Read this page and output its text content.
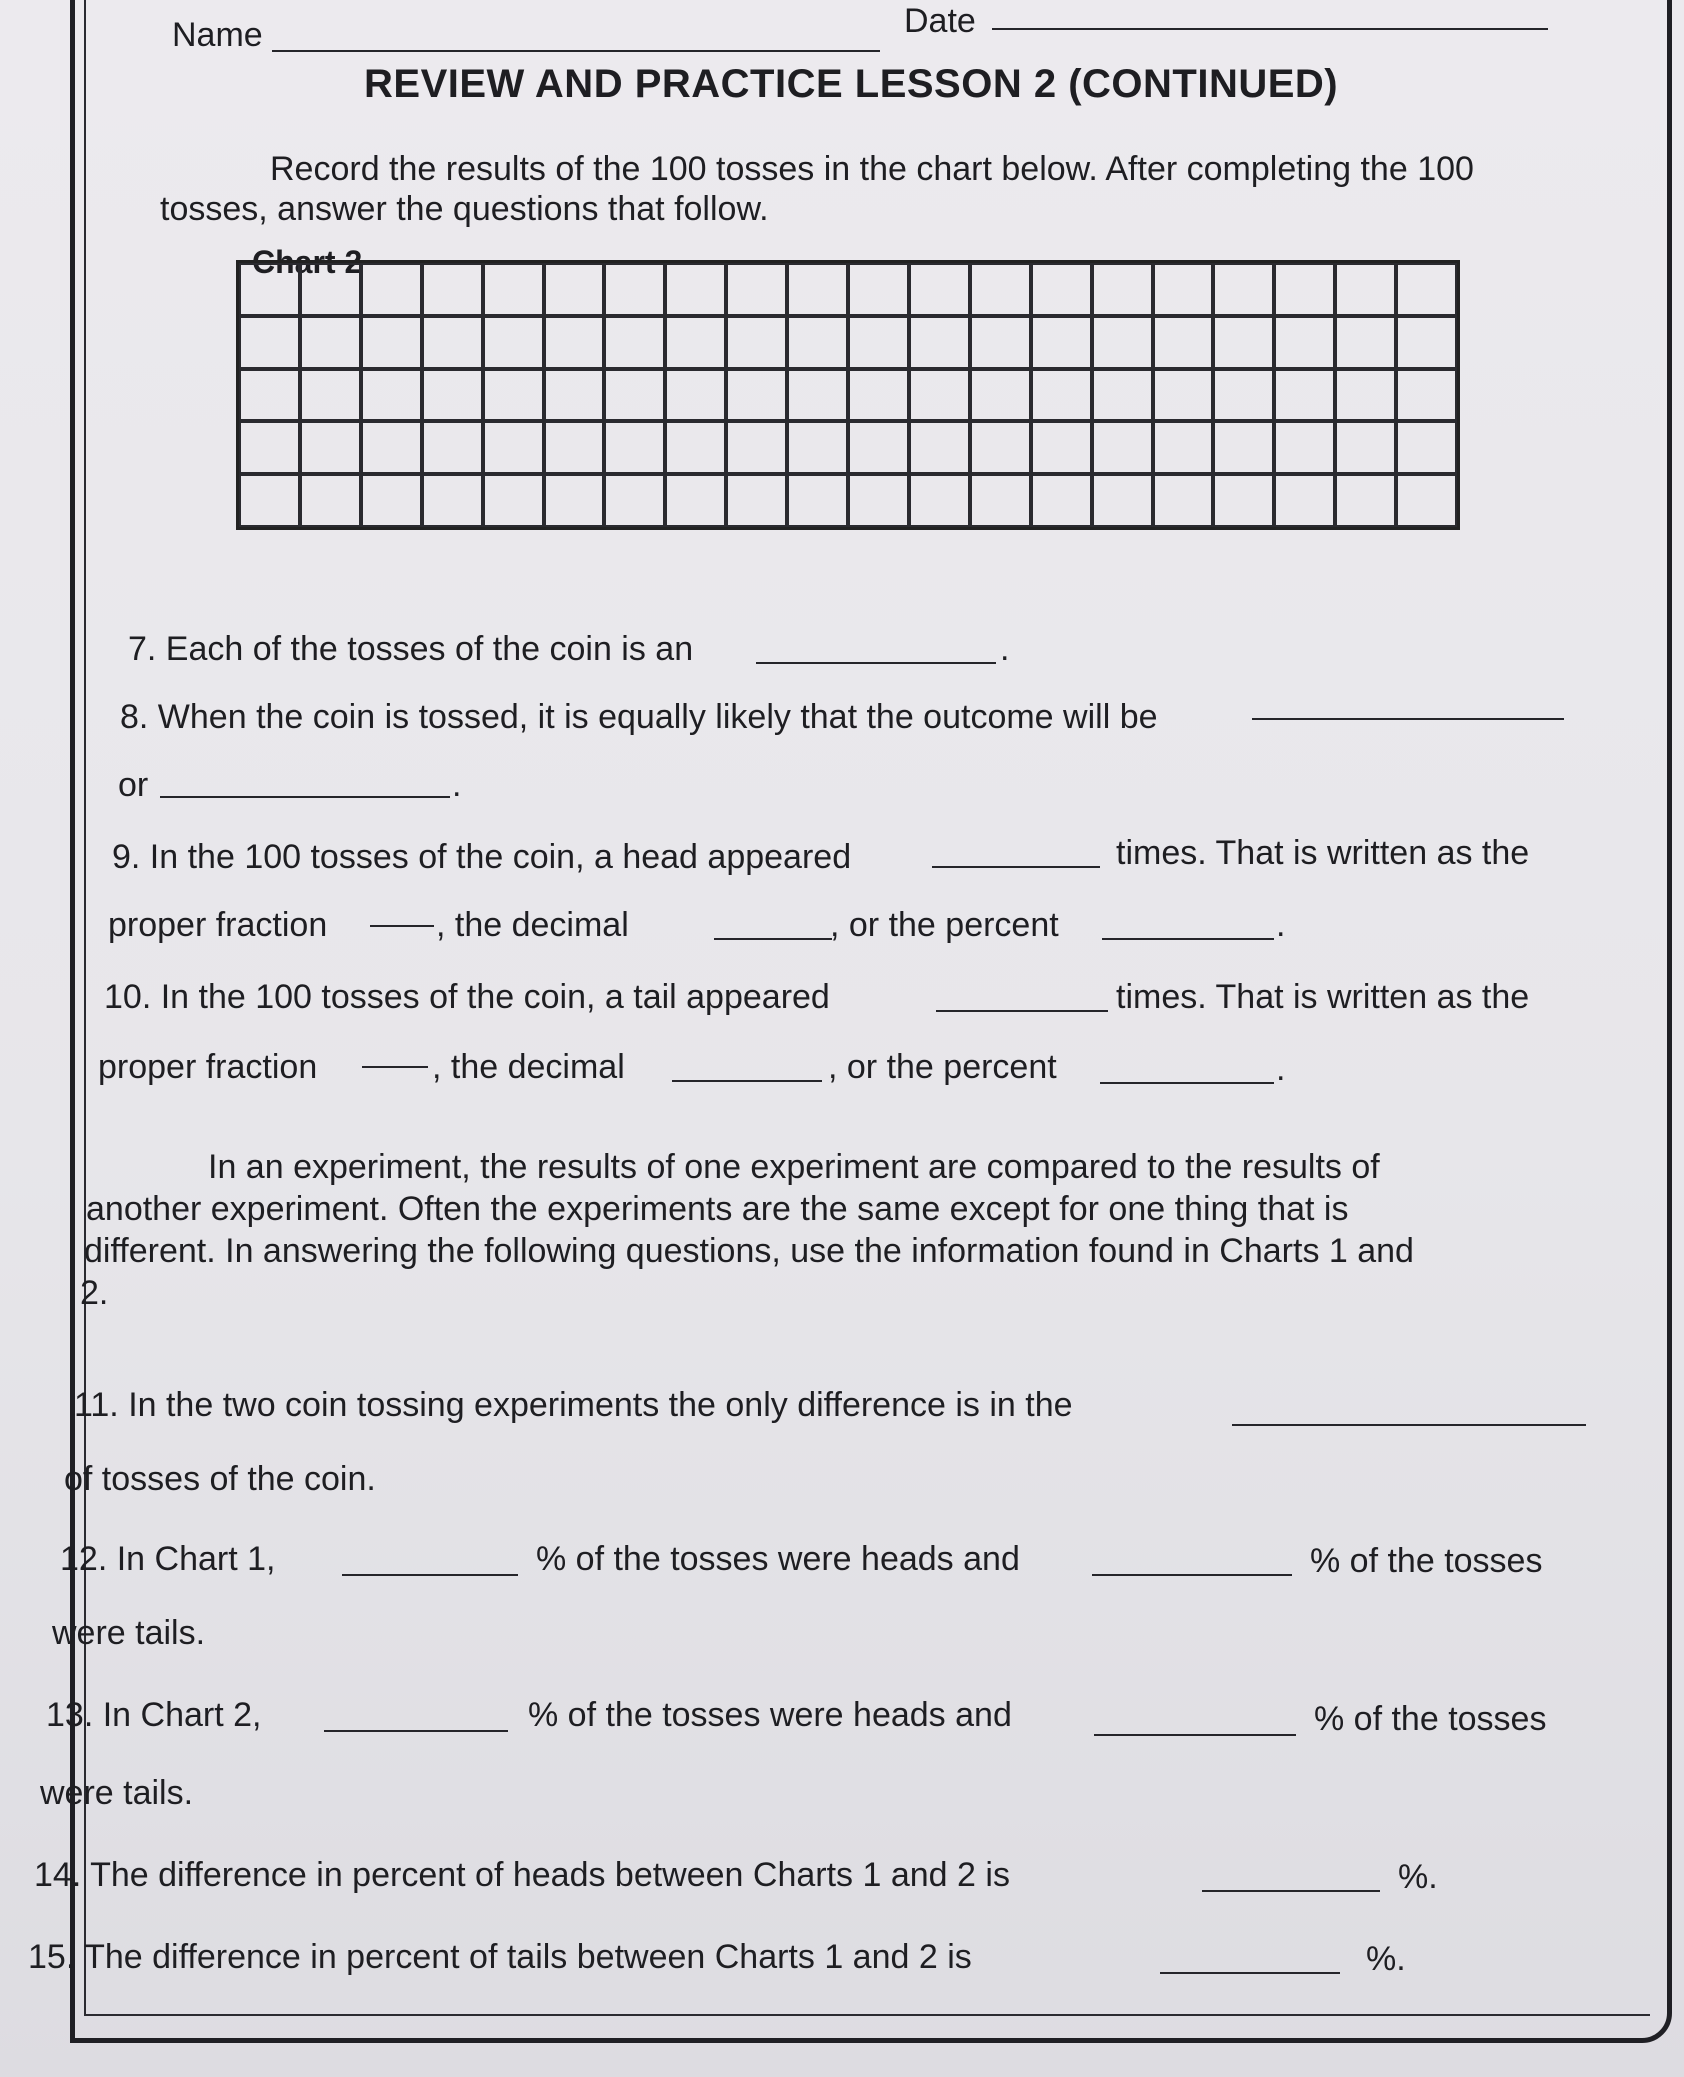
Name	Date
REVIEW AND PRACTICE LESSON 2 (CONTINUED)
Record the results of the 100 tosses in the chart below. After completing the 100
tosses, answer the questions that follow.
Chart 2
7. Each of the tosses of the coin is an	.
8. When the coin is tossed, it is equally likely that the outcome will be
or	.
9. In the 100 tosses of the coin, a head appeared	times. That is written as the
proper fraction	, the decimal	, or the percent	.
10. In the 100 tosses of the coin, a tail appeared	times. That is written as the
proper fraction	, the decimal	, or the percent	.
In an experiment, the results of one experiment are compared to the results of
another experiment. Often the experiments are the same except for one thing that is
different. In answering the following questions, use the information found in Charts 1 and
2.
11. In the two coin tossing experiments the only difference is in the
of tosses of the coin.
12. In Chart 1,	% of the tosses were heads and	% of the tosses
were tails.
13. In Chart 2,	% of the tosses were heads and	% of the tosses
were tails.
14. The difference in percent of heads between Charts 1 and 2 is	%.
15. The difference in percent of tails between Charts 1 and 2 is	%.
